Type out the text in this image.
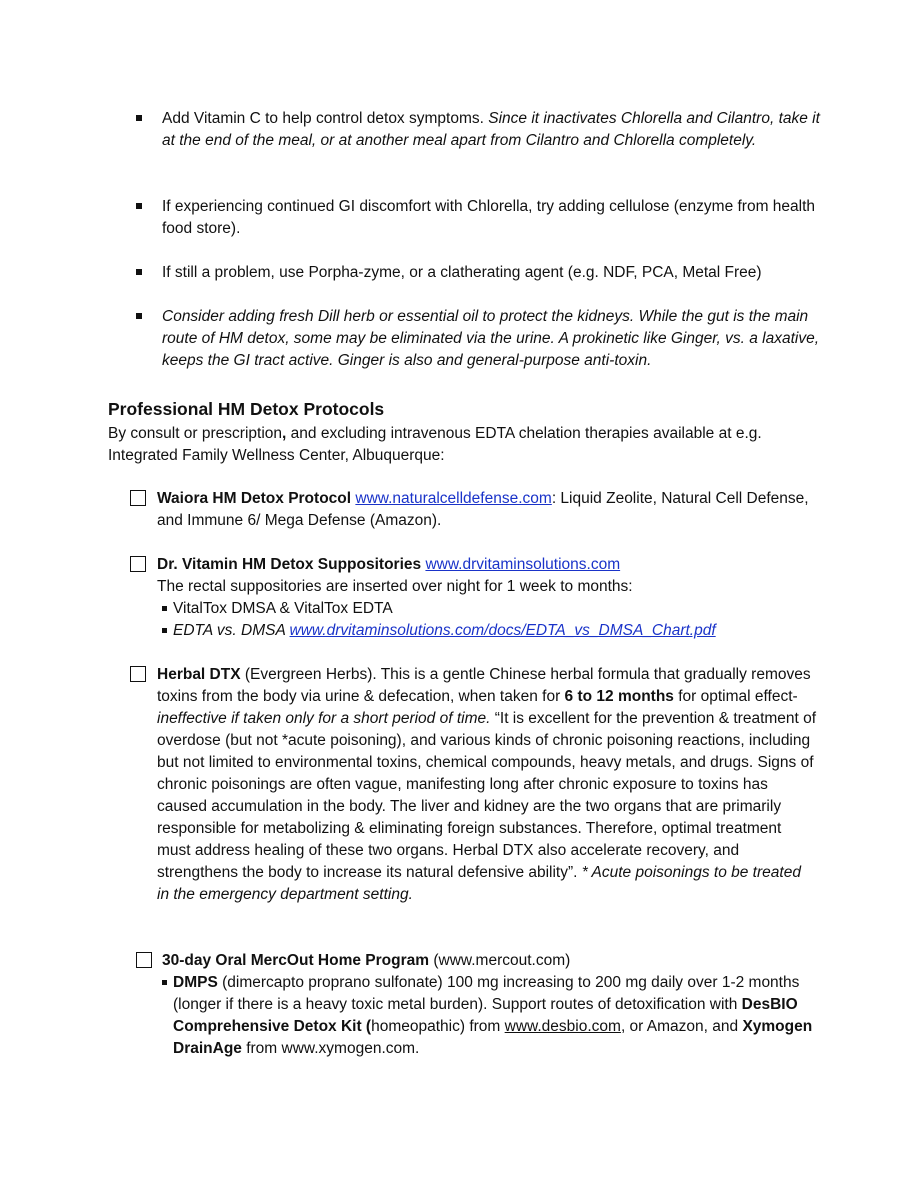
Add Vitamin C to help control detox symptoms. Since it inactivates Chlorella and Cilantro, take it at the end of the meal, or at another meal apart from Cilantro and Chlorella completely.
If experiencing continued GI discomfort with Chlorella, try adding cellulose (enzyme from health food store).
If still a problem, use Porpha-zyme, or a clatherating agent (e.g. NDF, PCA, Metal Free)
Consider adding fresh Dill herb or essential oil to protect the kidneys. While the gut is the main route of HM detox, some may be eliminated via the urine. A prokinetic like Ginger, vs. a laxative, keeps the GI tract active. Ginger is also and general-purpose anti-toxin.
Professional HM Detox Protocols
By consult or prescription, and excluding intravenous EDTA chelation therapies available at e.g. Integrated Family Wellness Center, Albuquerque:
Waiora HM Detox Protocol www.naturalcelldefense.com: Liquid Zeolite, Natural Cell Defense, and Immune 6/ Mega Defense (Amazon).
Dr. Vitamin HM Detox Suppositories www.drvitaminsolutions.com
The rectal suppositories are inserted over night for 1 week to months:
VitalTox DMSA & VitalTox EDTA
EDTA vs. DMSA www.drvitaminsolutions.com/docs/EDTA_vs_DMSA_Chart.pdf
Herbal DTX (Evergreen Herbs). This is a gentle Chinese herbal formula that gradually removes toxins from the body via urine & defecation, when taken for 6 to 12 months for optimal effect- ineffective if taken only for a short period of time. “It is excellent for the prevention & treatment of overdose (but not *acute poisoning), and various kinds of chronic poisoning reactions, including but not limited to environmental toxins, chemical compounds, heavy metals, and drugs. Signs of chronic poisonings are often vague, manifesting long after chronic exposure to toxins has caused accumulation in the body. The liver and kidney are the two organs that are primarily responsible for metabolizing & eliminating foreign substances. Therefore, optimal treatment must address healing of these two organs. Herbal DTX also accelerate recovery, and strengthens the body to increase its natural defensive ability”. * Acute poisonings to be treated in the emergency department setting.
30-day Oral MercOut Home Program (www.mercout.com)
DMPS (dimercapto proprano sulfonate) 100 mg increasing to 200 mg daily over 1-2 months (longer if there is a heavy toxic metal burden). Support routes of detoxification with DesBIO Comprehensive Detox Kit (homeopathic) from www.desbio.com, or Amazon, and Xymogen DrainAge from www.xymogen.com.
